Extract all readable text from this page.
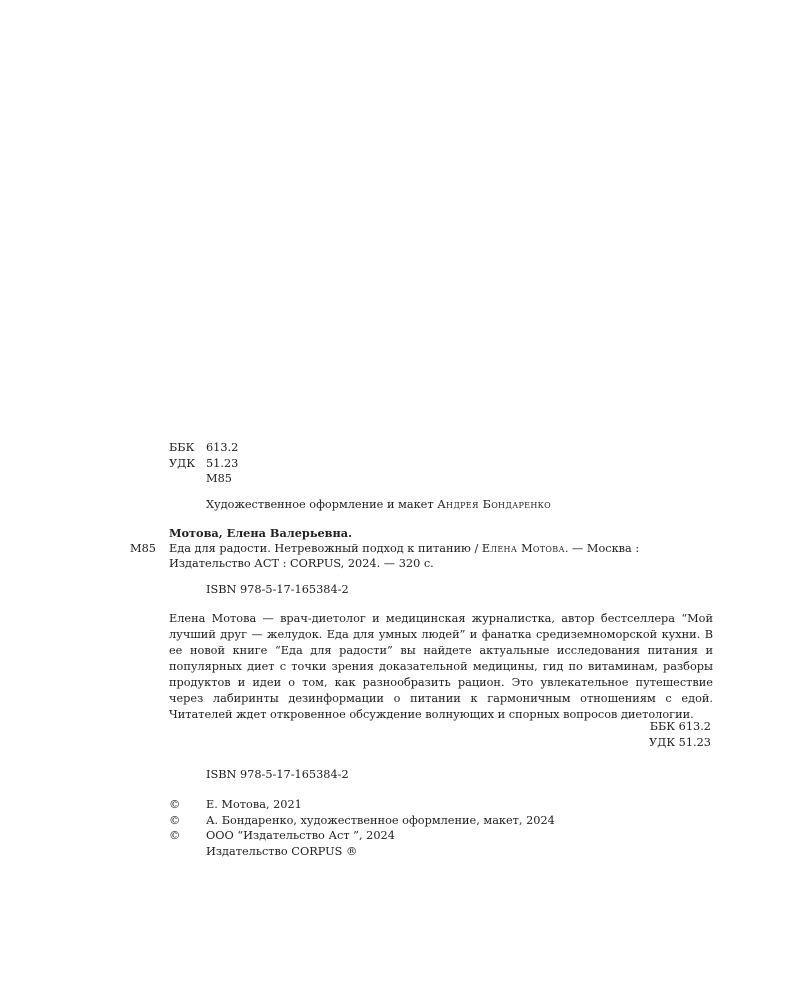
ББК 613.2
УДК 51.23
М85
Художественное оформление и макет Андрея Бондаренко
Мотова, Елена Валерьевна.
М85 Еда для радости. Нетревожный подход к питанию / Елена Мотова. — Москва :
Издательство АСТ : CORPUS, 2024. — 320 с.
ISBN 978-5-17-165384-2
Елена Мотова — врач-диетолог и медицинская журналистка, автор бестселлера “Мой лучший друг — желудок. Еда для умных людей” и фанатка средиземноморской кухни. В ее новой книге “Еда для радости” вы найдете актуальные исследования питания и популярных диет с точки зрения доказательной медицины, гид по витаминам, разборы продуктов и идеи о том, как разнообразить рацион. Это увлекательное путешествие через лабиринты дезинформации о питании к гармоничным отношениям с едой. Читателей ждет откровенное обсуждение волнующих и спорных вопросов диетологии.
ББК 613.2
УДК 51.23
ISBN 978-5-17-165384-2
© Е. Мотова, 2021
© А. Бондаренко, художественное оформление, макет, 2024
© ООО “Издательство Аст ”, 2024
Издательство CORPUS ®
